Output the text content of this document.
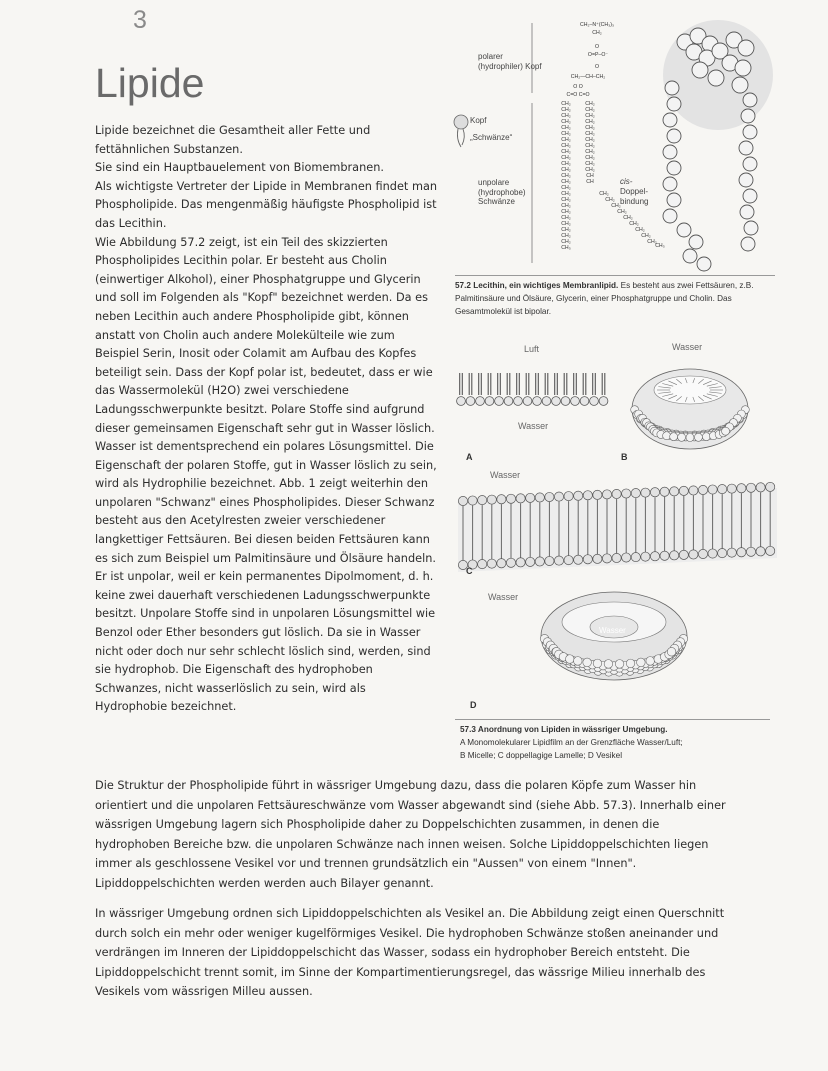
3
Lipide

Lipide bezeichnet die Gesamtheit aller Fette und fettähnlichen Substanzen.

Sie sind ein Hauptbauelement von Biomembranen.

Als wichtigste Vertreter der Lipide in Membranen findet man Phospholipide. Das mengenmäßig häufigste Phospholipid ist das Lecithin.

Wie Abbildung 57.2 zeigt, ist ein Teil des skizzierten Phospholipides Lecithin polar. Er besteht aus Cholin (einwertiger Alkohol), einer Phosphatgruppe und Glycerin und soll im Folgenden als "Kopf" bezeichnet werden. Da es neben Lecithin auch andere Phospholipide gibt, können anstatt von Cholin auch andere Molekülteile wie zum Beispiel Serin, Inosit oder Colamit am Aufbau des Kopfes beteiligt sein. Dass der Kopf polar ist, bedeutet, dass er wie das Wassermolekül (H2O) zwei verschiedene Ladungsschwerpunkte besitzt. Polare Stoffe sind aufgrund dieser gemeinsamen Eigenschaft sehr gut in Wasser löslich. Wasser ist dementsprechend ein polares Lösungsmittel. Die Eigenschaft der polaren Stoffe, gut in Wasser löslich zu sein, wird als Hydrophilie bezeichnet. Abb. 1 zeigt weiterhin den unpolaren "Schwanz" eines Phospholipides. Dieser Schwanz besteht aus den Acetylresten zweier verschiedener langkettiger Fettsäuren. Bei diesen beiden Fettsäuren kann es sich zum Beispiel um Palmitinsäure und Ölsäure handeln. Er ist unpolar, weil er kein permanentes Dipolmoment, d. h. keine zwei dauerhaft verschiedenen Ladungsschwerpunkte besitzt. Unpolare Stoffe sind in unpolaren Lösungsmittel wie Benzol oder Ether besonders gut löslich. Da sie in Wasser nicht oder doch nur sehr schlecht löslich sind, werden, sind sie hydrophob. Die Eigenschaft des hydrophoben Schwanzes, nicht wasserlöslich zu sein, wird als Hydrophobie bezeichnet.

polarer (hydrophiler) Kopf
Kopf
„Schwänze“
unpolare (hydrophobe) Schwänze
CH₂–N⁺(CH₃)₃
CH₂
O
O=P–O⁻
O
CH₂—CH–CH₂
O O
C=O C=O
CH₂
CH₂
CH₂
CH₂
CH₂
CH₂
CH₂
CH₂
CH₂
CH₂
CH₂
CH₂
CH₂
CH₂
CH₂
CH₂
CH₂
CH₂
CH₂
CH₂
CH₂
CH₂
CH₂
CH₂
CH₃
CH₂
CH₂
CH₂
CH₂
CH₂
CH₂
CH₂
CH₂
CH₂
CH₂
CH₂
CH₂
CH
CH
CH₂
CH₂
CH₂
CH₂
CH₂
CH₂
CH₂
CH₂
CH₂
CH₃
cis-
Doppel-
bindung
57.2 Lecithin, ein wichtiges Membranlipid. Es besteht aus zwei Fettsäuren, z.B. Palmitinsäure und Ölsäure, Glycerin, einer Phosphatgruppe und Cholin. Das Gesamtmolekül ist bipolar.
Luft	Wasser
Wasser
A	B
Wasser
C
Wasser
Wasser
D
57.3 Anordnung von Lipiden in wässriger Umgebung.
A Monomolekularer Lipidfilm an der Grenzfläche Wasser/Luft;
B Micelle; C doppellagige Lamelle; D Vesikel

Die Struktur der Phospholipide führt in wässriger Umgebung dazu, dass die polaren Köpfe zum Wasser hin orientiert und die unpolaren Fettsäureschwänze vom Wasser abgewandt sind (siehe Abb. 57.3). Innerhalb einer wässrigen Umgebung lagern sich Phospholipide daher zu Doppelschichten zusammen, in denen die hydrophoben Bereiche bzw. die unpolaren Schwänze nach innen weisen. Solche Lipiddoppelschichten liegen immer als geschlossene Vesikel vor und trennen grundsätzlich ein "Aussen" von einem "Innen". Lipiddoppelschichten werden werden auch Bilayer genannt.

In wässriger Umgebung ordnen sich Lipiddoppelschichten als Vesikel an. Die Abbildung zeigt einen Querschnitt durch solch ein mehr oder weniger kugelförmiges Vesikel. Die hydrophoben Schwänze stoßen aneinander und verdrängen im Inneren der Lipiddoppelschicht das Wasser, sodass ein hydrophober Bereich entsteht. Die Lipiddoppelschicht trennt somit, im Sinne der Kompartimentierungsregel, das wässrige Milieu innerhalb des Vesikels vom wässrigen Milleu aussen.
